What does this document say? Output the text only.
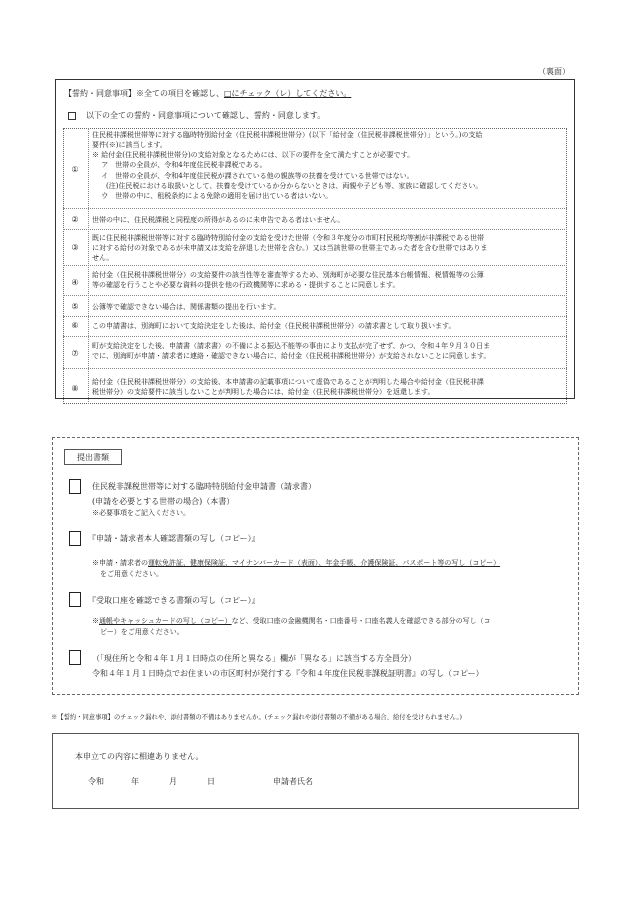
（裏面）
【誓約・同意事項】※全ての項目を確認し、□にチェック（レ）してください。
以下の全ての誓約・同意事項について確認し、誓約・同意します。
①
住民税非課税世帯等に対する臨時特別給付金（住民税非課税世帯分）(以下「給付金（住民税非課税世帯分）」という。)の支給
要件(※)に該当します。
※ 給付金(住民税非課税世帯分)の支給対象となるためには、以下の要件を全て満たすことが必要です。
　 ア　世帯の全員が、令和4年度住民税非課税である。
　 イ　世帯の全員が、令和4年度住民税が課されている他の親族等の扶養を受けている世帯ではない。
　　(注)住民税における取扱いとして、扶養を受けているか分からないときは、両親や子ども等、家族に確認してください。
　 ウ　世帯の中に、租税条約による免除の適用を届け出ている者はいない。
②	世帯の中に、住民税課税と同程度の所得があるのに未申告である者はいません。
③
既に住民税非課税世帯等に対する臨時特別給付金の支給を受けた世帯（令和３年度分の市町村民税均等割が非課税である世帯
に対する給付の対象であるが未申請又は支給を辞退した世帯を含む。）又は当該世帯の世帯主であった者を含む世帯ではありま
せん。
④
給付金（住民税非課税世帯分）の支給要件の該当性等を審査等するため、別海町が必要な住民基本台帳情報、税情報等の公簿
等の確認を行うことや必要な資料の提供を他の行政機関等に求める・提供することに同意します。
⑤	公簿等で確認できない場合は、関係書類の提出を行います。
⑥	この申請書は、別海町において支給決定をした後は、給付金（住民税非課税世帯分）の請求書として取り扱います。
⑦
町が支給決定をした後、申請書（請求書）の不備による振込不能等の事由により支払が完了せず、かつ、令和４年９月３０日ま
でに、別海町が申請・請求者に連絡・確認できない場合に、給付金（住民税非課税世帯分）が支給されないことに同意します。
⑧
給付金（住民税非課税世帯分）の支給後、本申請書の記載事項について虚偽であることが判明した場合や給付金（住民税非課
税世帯分）の支給要件に該当しないことが判明した場合には、給付金（住民税非課税世帯分）を返還します。
提出書類
住民税非課税世帯等に対する臨時特別給付金申請書（請求書）
(申請を必要とする世帯の場合)（本書）
※必要事項をご記入ください。
『申請・請求者本人確認書類の写し（コピー）』
※申請・請求者の運転免許証、健康保険証、マイナンバーカード（表面）、年金手帳、介護保険証、パスポート等の写し（コピー）
をご用意ください。
『受取口座を確認できる書類の写し（コピー）』
※通帳やキャッシュカードの写し（コピー）など、受取口座の金融機関名・口座番号・口座名義人を確認できる部分の写し（コ
ピー）をご用意ください。
（「現住所と令和４年１月１日時点の住所と異なる」欄が「異なる」に該当する方全員分）
令和４年１月１日時点でお住まいの市区町村が発行する『令和４年度住民税非課税証明書』の写し（コピー）
※【誓約・同意事項】のチェック漏れや、添付書類の不備はありませんか。(チェック漏れや添付書類の不備がある場合、給付を受けられません。)
本申立ての内容に相違ありません。
令和	年	月	日	申請者氏名
